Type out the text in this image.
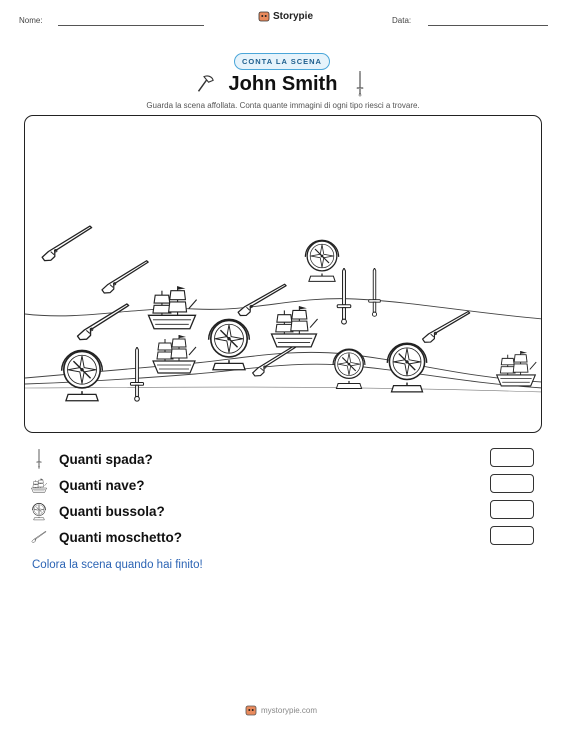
Nome:	Storypie	Data:
CONTA LA SCENA
John Smith
Guarda la scena affollata. Conta quante immagini di ogni tipo riesci a trovare.
Quanti spada?
Quanti nave?
Quanti bussola?
Quanti moschetto?
Colora la scena quando hai finito!
mystorypie.com
